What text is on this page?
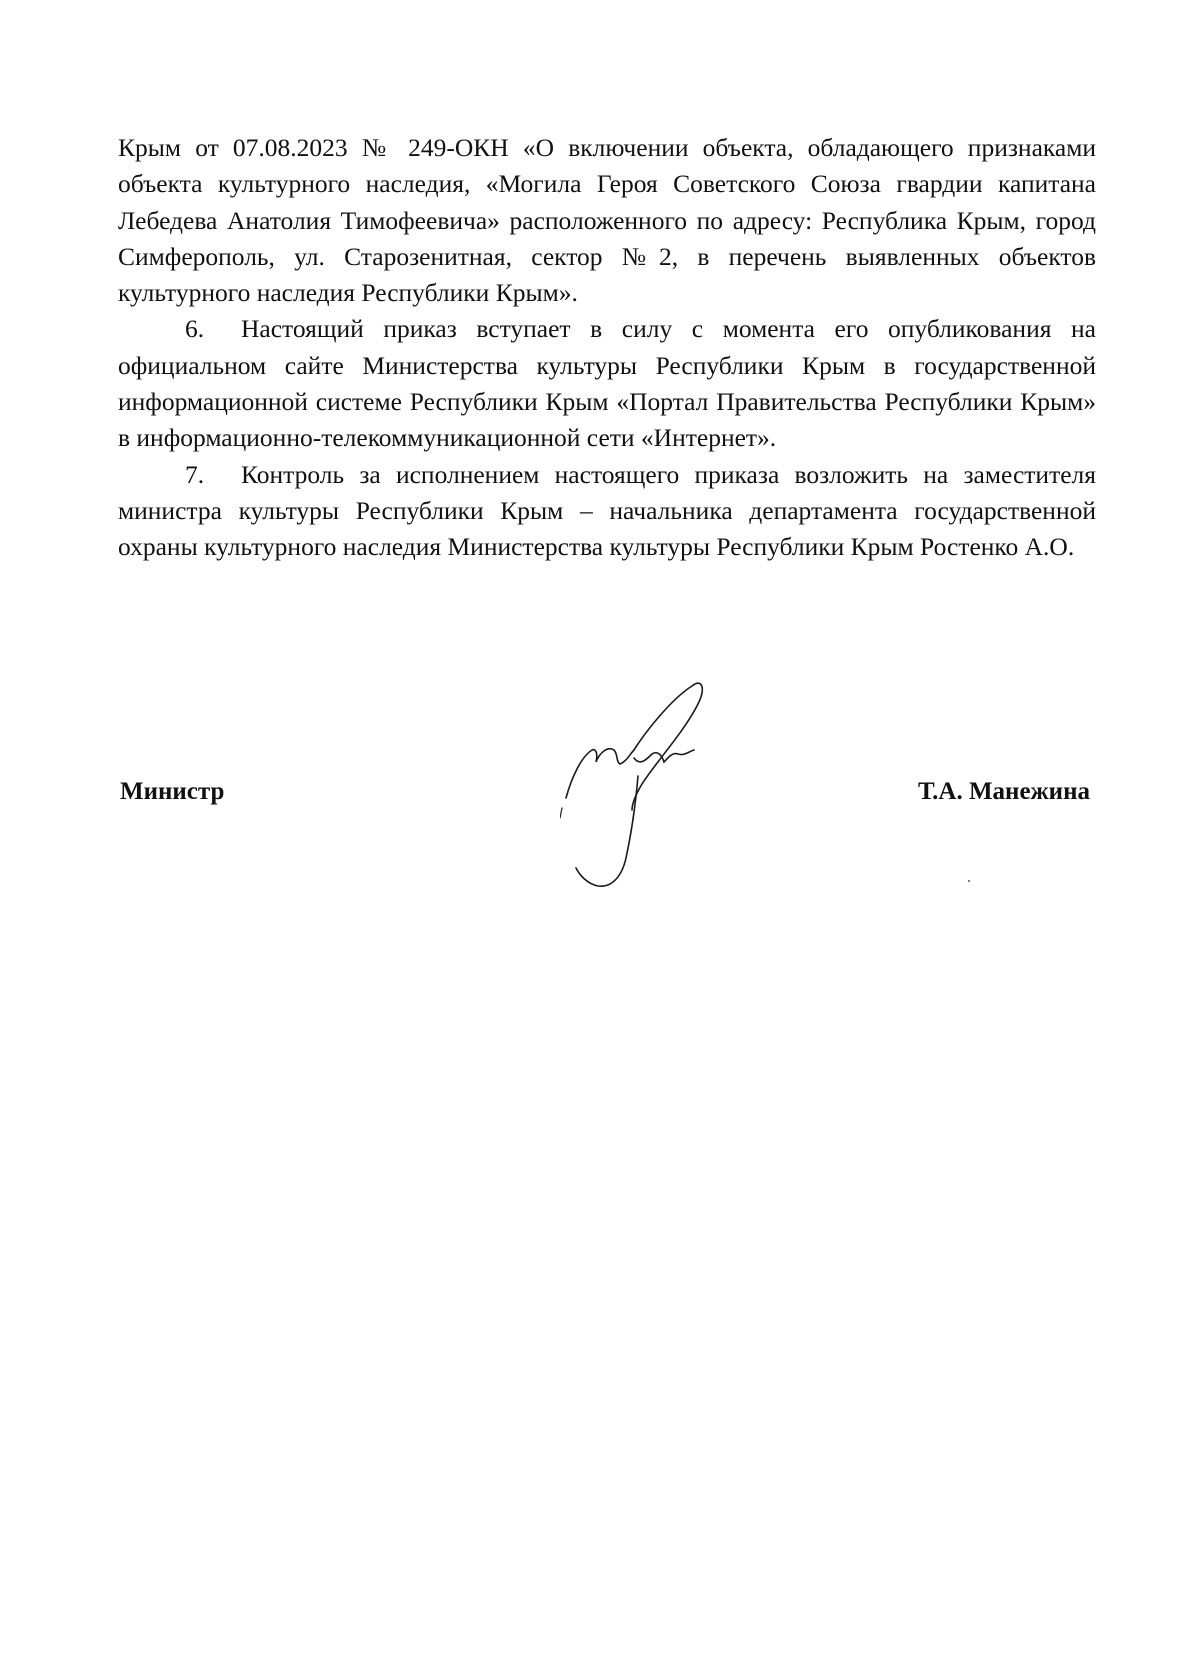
Крым от 07.08.2023 № 249-ОКН «О включении объекта, обладающего признаками объекта культурного наследия, «Могила Героя Советского Союза гвардии капитана Лебедева Анатолия Тимофеевича» расположенного по адресу: Республика Крым, город Симферополь, ул. Старозенитная, сектор №2, в перечень выявленных объектов культурного наследия Республики Крым».

6. Настоящий приказ вступает в силу с момента его опубликования на официальном сайте Министерства культуры Республики Крым в государственной информационной системе Республики Крым «Портал Правительства Республики Крым» в информационно-телекоммуникационной сети «Интернет».

7. Контроль за исполнением настоящего приказа возложить на заместителя министра культуры Республики Крым – начальника департамента государственной охраны культурного наследия Министерства культуры Республики Крым Ростенко А.О.

Министр	Т.А. Манежина
